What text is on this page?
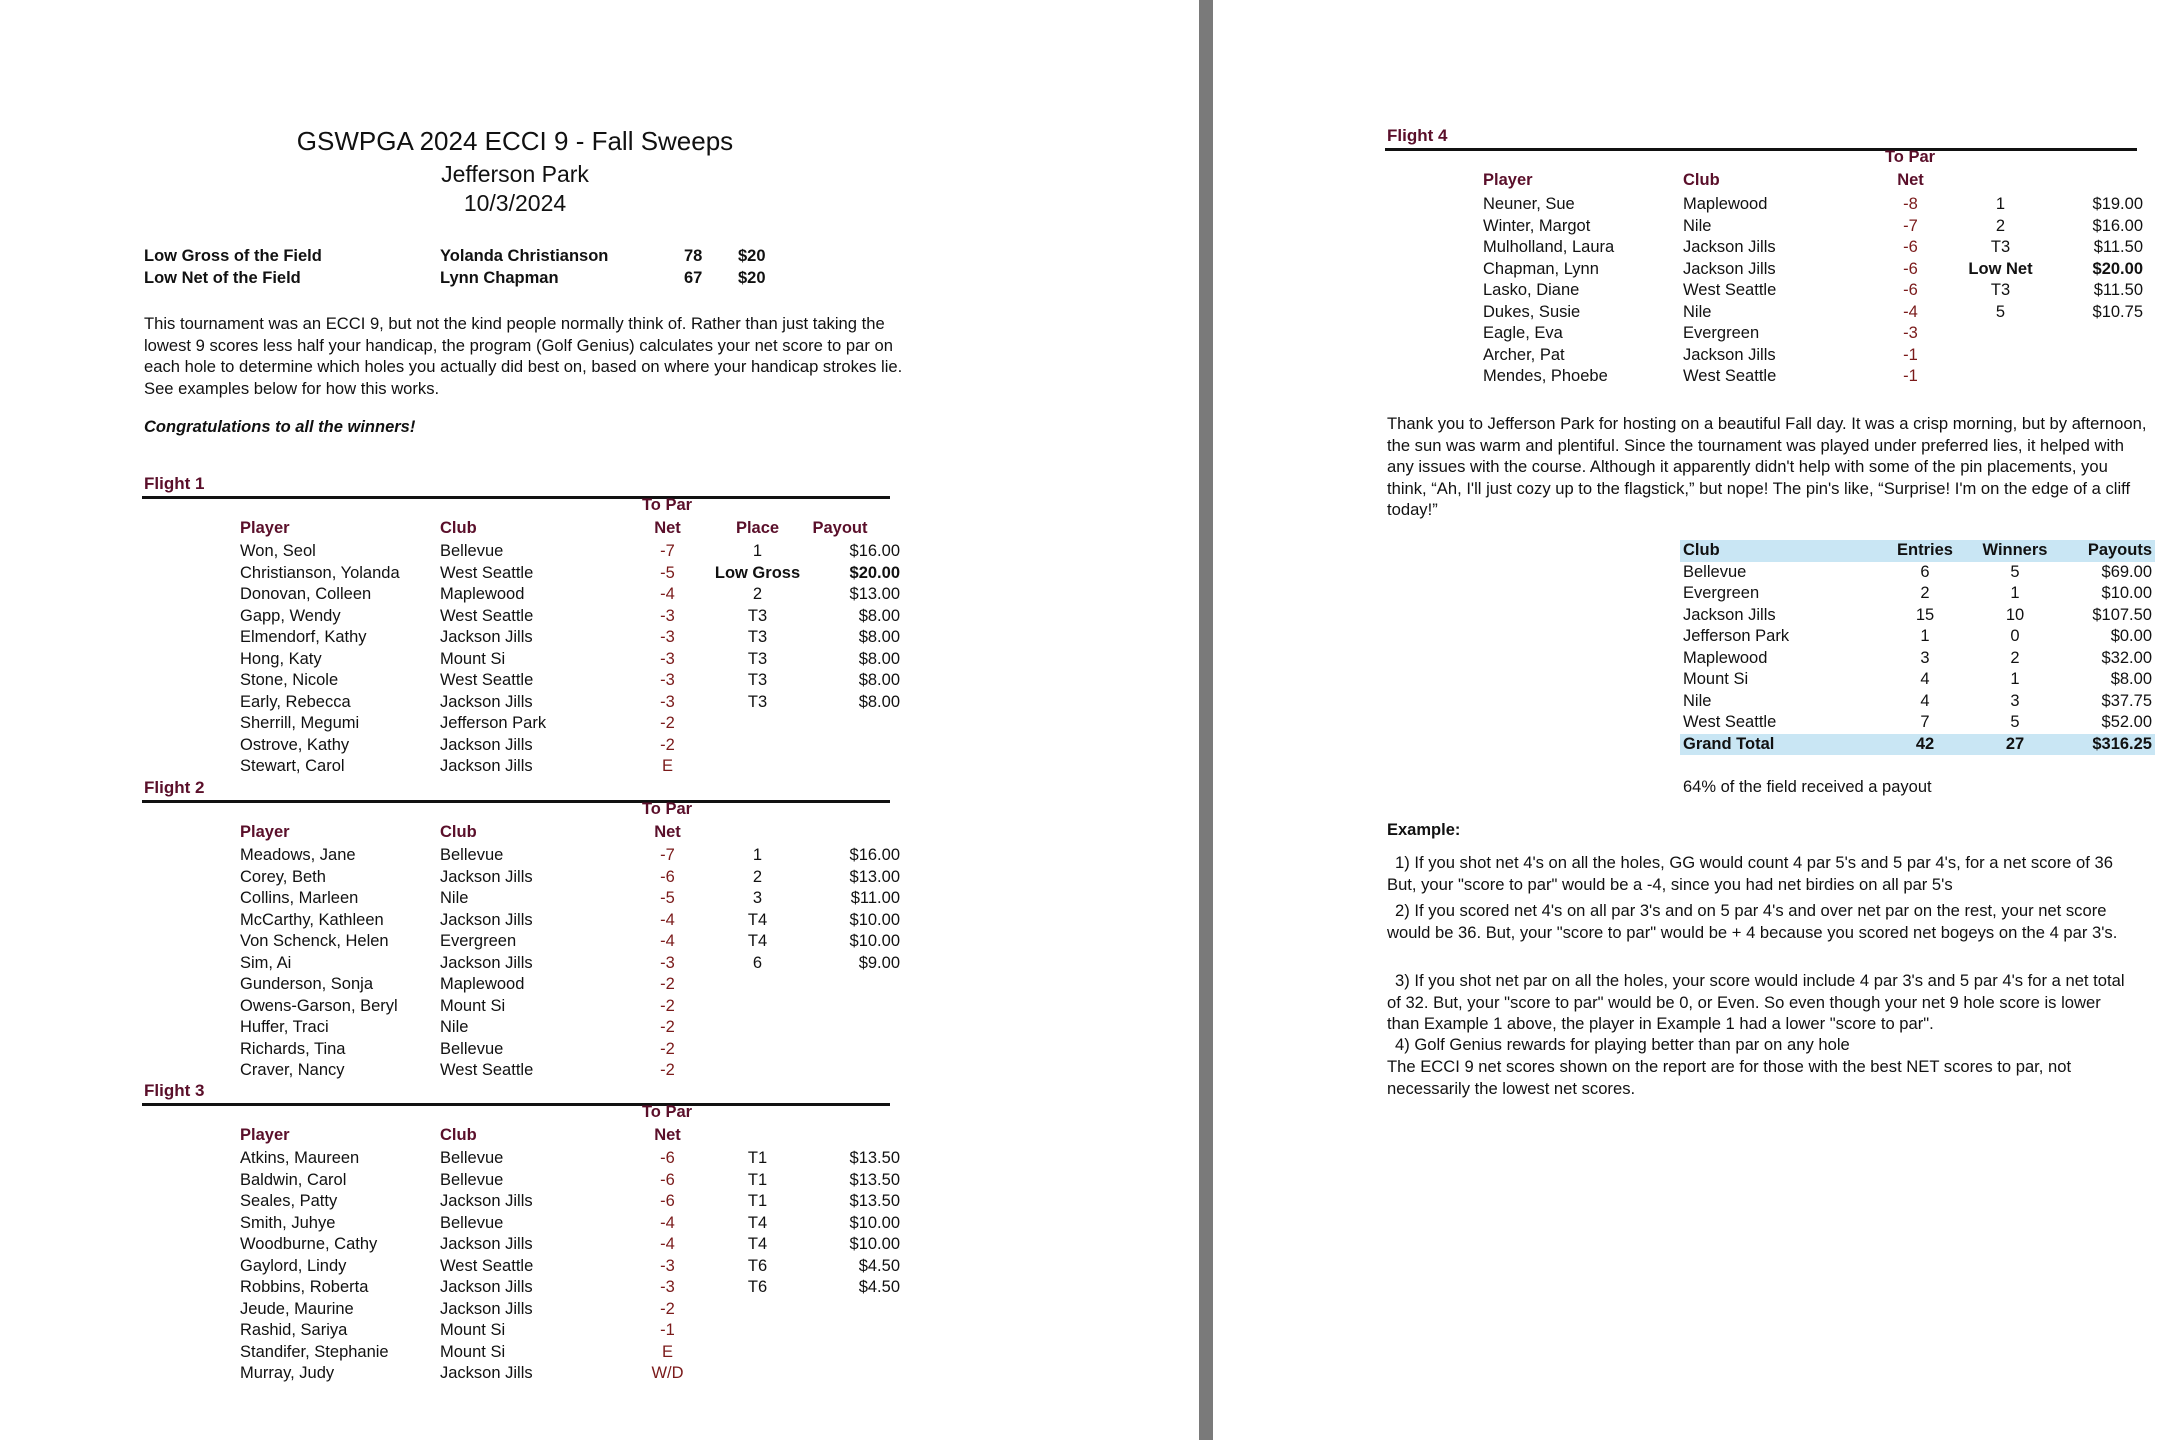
GSWPGA 2024 ECCI 9 - Fall Sweeps
Jefferson Park
10/3/2024
Low Gross of the Field	Yolanda Christianson	78 $20
Low Net of the Field	Lynn Chapman	67 $20
This tournament was an ECCI 9, but not the kind people normally think of. Rather than just taking the lowest 9 scores less half your handicap, the program (Golf Genius) calculates your net score to par on each hole to determine which holes you actually did best on, based on where your handicap strokes lie. See examples below for how this works.
Congratulations to all the winners!
Flight 1
To Par
Player	Club	Net	Place	Payout
Won, Seol	Bellevue	-7	1	$16.00
Christianson, Yolanda	West Seattle	-5	Low Gross	$20.00
Donovan, Colleen	Maplewood	-4	2	$13.00
Gapp, Wendy	West Seattle	-3	T3	$8.00
Elmendorf, Kathy	Jackson Jills	-3	T3	$8.00
Hong, Katy	Mount Si	-3	T3	$8.00
Stone, Nicole	West Seattle	-3	T3	$8.00
Early, Rebecca	Jackson Jills	-3	T3	$8.00
Sherrill, Megumi	Jefferson Park	-2		
Ostrove, Kathy	Jackson Jills	-2		
Stewart, Carol	Jackson Jills	E		
Flight 2
To Par
Player	Club	Net
Meadows, Jane	Bellevue	-7	1	$16.00
Corey, Beth	Jackson Jills	-6	2	$13.00
Collins, Marleen	Nile	-5	3	$11.00
McCarthy, Kathleen	Jackson Jills	-4	T4	$10.00
Von Schenck, Helen	Evergreen	-4	T4	$10.00
Sim, Ai	Jackson Jills	-3	6	$9.00
Gunderson, Sonja	Maplewood	-2		
Owens-Garson, Beryl	Mount Si	-2		
Huffer, Traci	Nile	-2		
Richards, Tina	Bellevue	-2		
Craver, Nancy	West Seattle	-2		
Flight 3
To Par
Player	Club	Net
Atkins, Maureen	Bellevue	-6	T1	$13.50
Baldwin, Carol	Bellevue	-6	T1	$13.50
Seales, Patty	Jackson Jills	-6	T1	$13.50
Smith, Juhye	Bellevue	-4	T4	$10.00
Woodburne, Cathy	Jackson Jills	-4	T4	$10.00
Gaylord, Lindy	West Seattle	-3	T6	$4.50
Robbins, Roberta	Jackson Jills	-3	T6	$4.50
Jeude, Maurine	Jackson Jills	-2		
Rashid, Sariya	Mount Si	-1		
Standifer, Stephanie	Mount Si	E		
Murray, Judy	Jackson Jills	W/D		
Flight 4
To Par
Player	Club	Net
Neuner, Sue	Maplewood	-8	1	$19.00
Winter, Margot	Nile	-7	2	$16.00
Mulholland, Laura	Jackson Jills	-6	T3	$11.50
Chapman, Lynn	Jackson Jills	-6	Low Net	$20.00
Lasko, Diane	West Seattle	-6	T3	$11.50
Dukes, Susie	Nile	-4	5	$10.75
Eagle, Eva	Evergreen	-3		
Archer, Pat	Jackson Jills	-1		
Mendes, Phoebe	West Seattle	-1		
Thank you to Jefferson Park for hosting on a beautiful Fall day. It was a crisp morning, but by afternoon, the sun was warm and plentiful. Since the tournament was played under preferred lies, it helped with any issues with the course. Although it apparently didn't help with some of the pin placements, you think, “Ah, I'll just cozy up to the flagstick,” but nope! The pin's like, “Surprise! I'm on the edge of a cliff today!”
Club	Entries	Winners	Payouts
Bellevue	6	5	$69.00
Evergreen	2	1	$10.00
Jackson Jills	15	10	$107.50
Jefferson Park	1	0	$0.00
Maplewood	3	2	$32.00
Mount Si	4	1	$8.00
Nile	4	3	$37.75
West Seattle	7	5	$52.00
Grand Total	42	27	$316.25
64% of the field received a payout
Example:
1) If you shot net 4's on all the holes, GG would count 4 par 5's and 5 par 4's, for a net score of 36 But, your "score to par" would be a -4, since you had net birdies on all par 5's
2) If you scored net 4's on all par 3's and on 5 par 4's and over net par on the rest, your net score would be 36. But, your "score to par" would be + 4 because you scored net bogeys on the 4 par 3's.
3) If you shot net par on all the holes, your score would include 4 par 3's and 5 par 4's for a net total of 32. But, your "score to par" would be 0, or Even. So even though your net 9 hole score is lower than Example 1 above, the player in Example 1 had a lower "score to par".
4) Golf Genius rewards for playing better than par on any hole
The ECCI 9 net scores shown on the report are for those with the best NET scores to par, not necessarily the lowest net scores.
